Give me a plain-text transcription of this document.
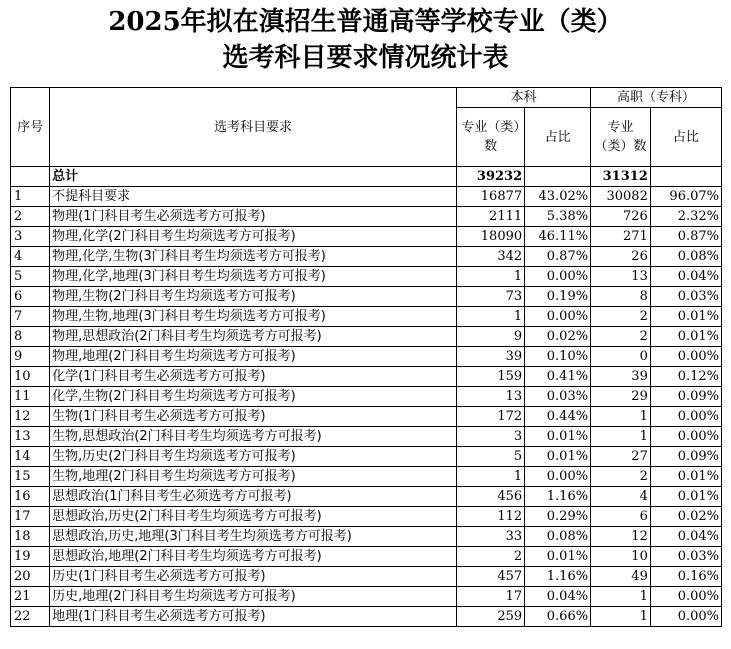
2025年拟在滇招生普通高等学校专业（类）
选考科目要求情况统计表
序号	选考科目要求	本科		高职（专科）	
		专业（类）数	占比	专业（类）数	占比
	总计	39232		31312	
1	不提科目要求	16877	43.02%	30082	96.07%
2	物理(1门科目考生必须选考方可报考)	2111	5.38%	726	2.32%
3	物理,化学(2门科目考生均须选考方可报考)	18090	46.11%	271	0.87%
4	物理,化学,生物(3门科目考生均须选考方可报考)	342	0.87%	26	0.08%
5	物理,化学,地理(3门科目考生均须选考方可报考)	1	0.00%	13	0.04%
6	物理,生物(2门科目考生均须选考方可报考)	73	0.19%	8	0.03%
7	物理,生物,地理(3门科目考生均须选考方可报考)	1	0.00%	2	0.01%
8	物理,思想政治(2门科目考生均须选考方可报考)	9	0.02%	2	0.01%
9	物理,地理(2门科目考生均须选考方可报考)	39	0.10%	0	0.00%
10	化学(1门科目考生必须选考方可报考)	159	0.41%	39	0.12%
11	化学,生物(2门科目考生均须选考方可报考)	13	0.03%	29	0.09%
12	生物(1门科目考生必须选考方可报考)	172	0.44%	1	0.00%
13	生物,思想政治(2门科目考生均须选考方可报考)	3	0.01%	1	0.00%
14	生物,历史(2门科目考生均须选考方可报考)	5	0.01%	27	0.09%
15	生物,地理(2门科目考生均须选考方可报考)	1	0.00%	2	0.01%
16	思想政治(1门科目考生必须选考方可报考)	456	1.16%	4	0.01%
17	思想政治,历史(2门科目考生均须选考方可报考)	112	0.29%	6	0.02%
18	思想政治,历史,地理(3门科目考生均须选考方可报考)	33	0.08%	12	0.04%
19	思想政治,地理(2门科目考生均须选考方可报考)	2	0.01%	10	0.03%
20	历史(1门科目考生必须选考方可报考)	457	1.16%	49	0.16%
21	历史,地理(2门科目考生均须选考方可报考)	17	0.04%	1	0.00%
22	地理(1门科目考生必须选考方可报考)	259	0.66%	1	0.00%
